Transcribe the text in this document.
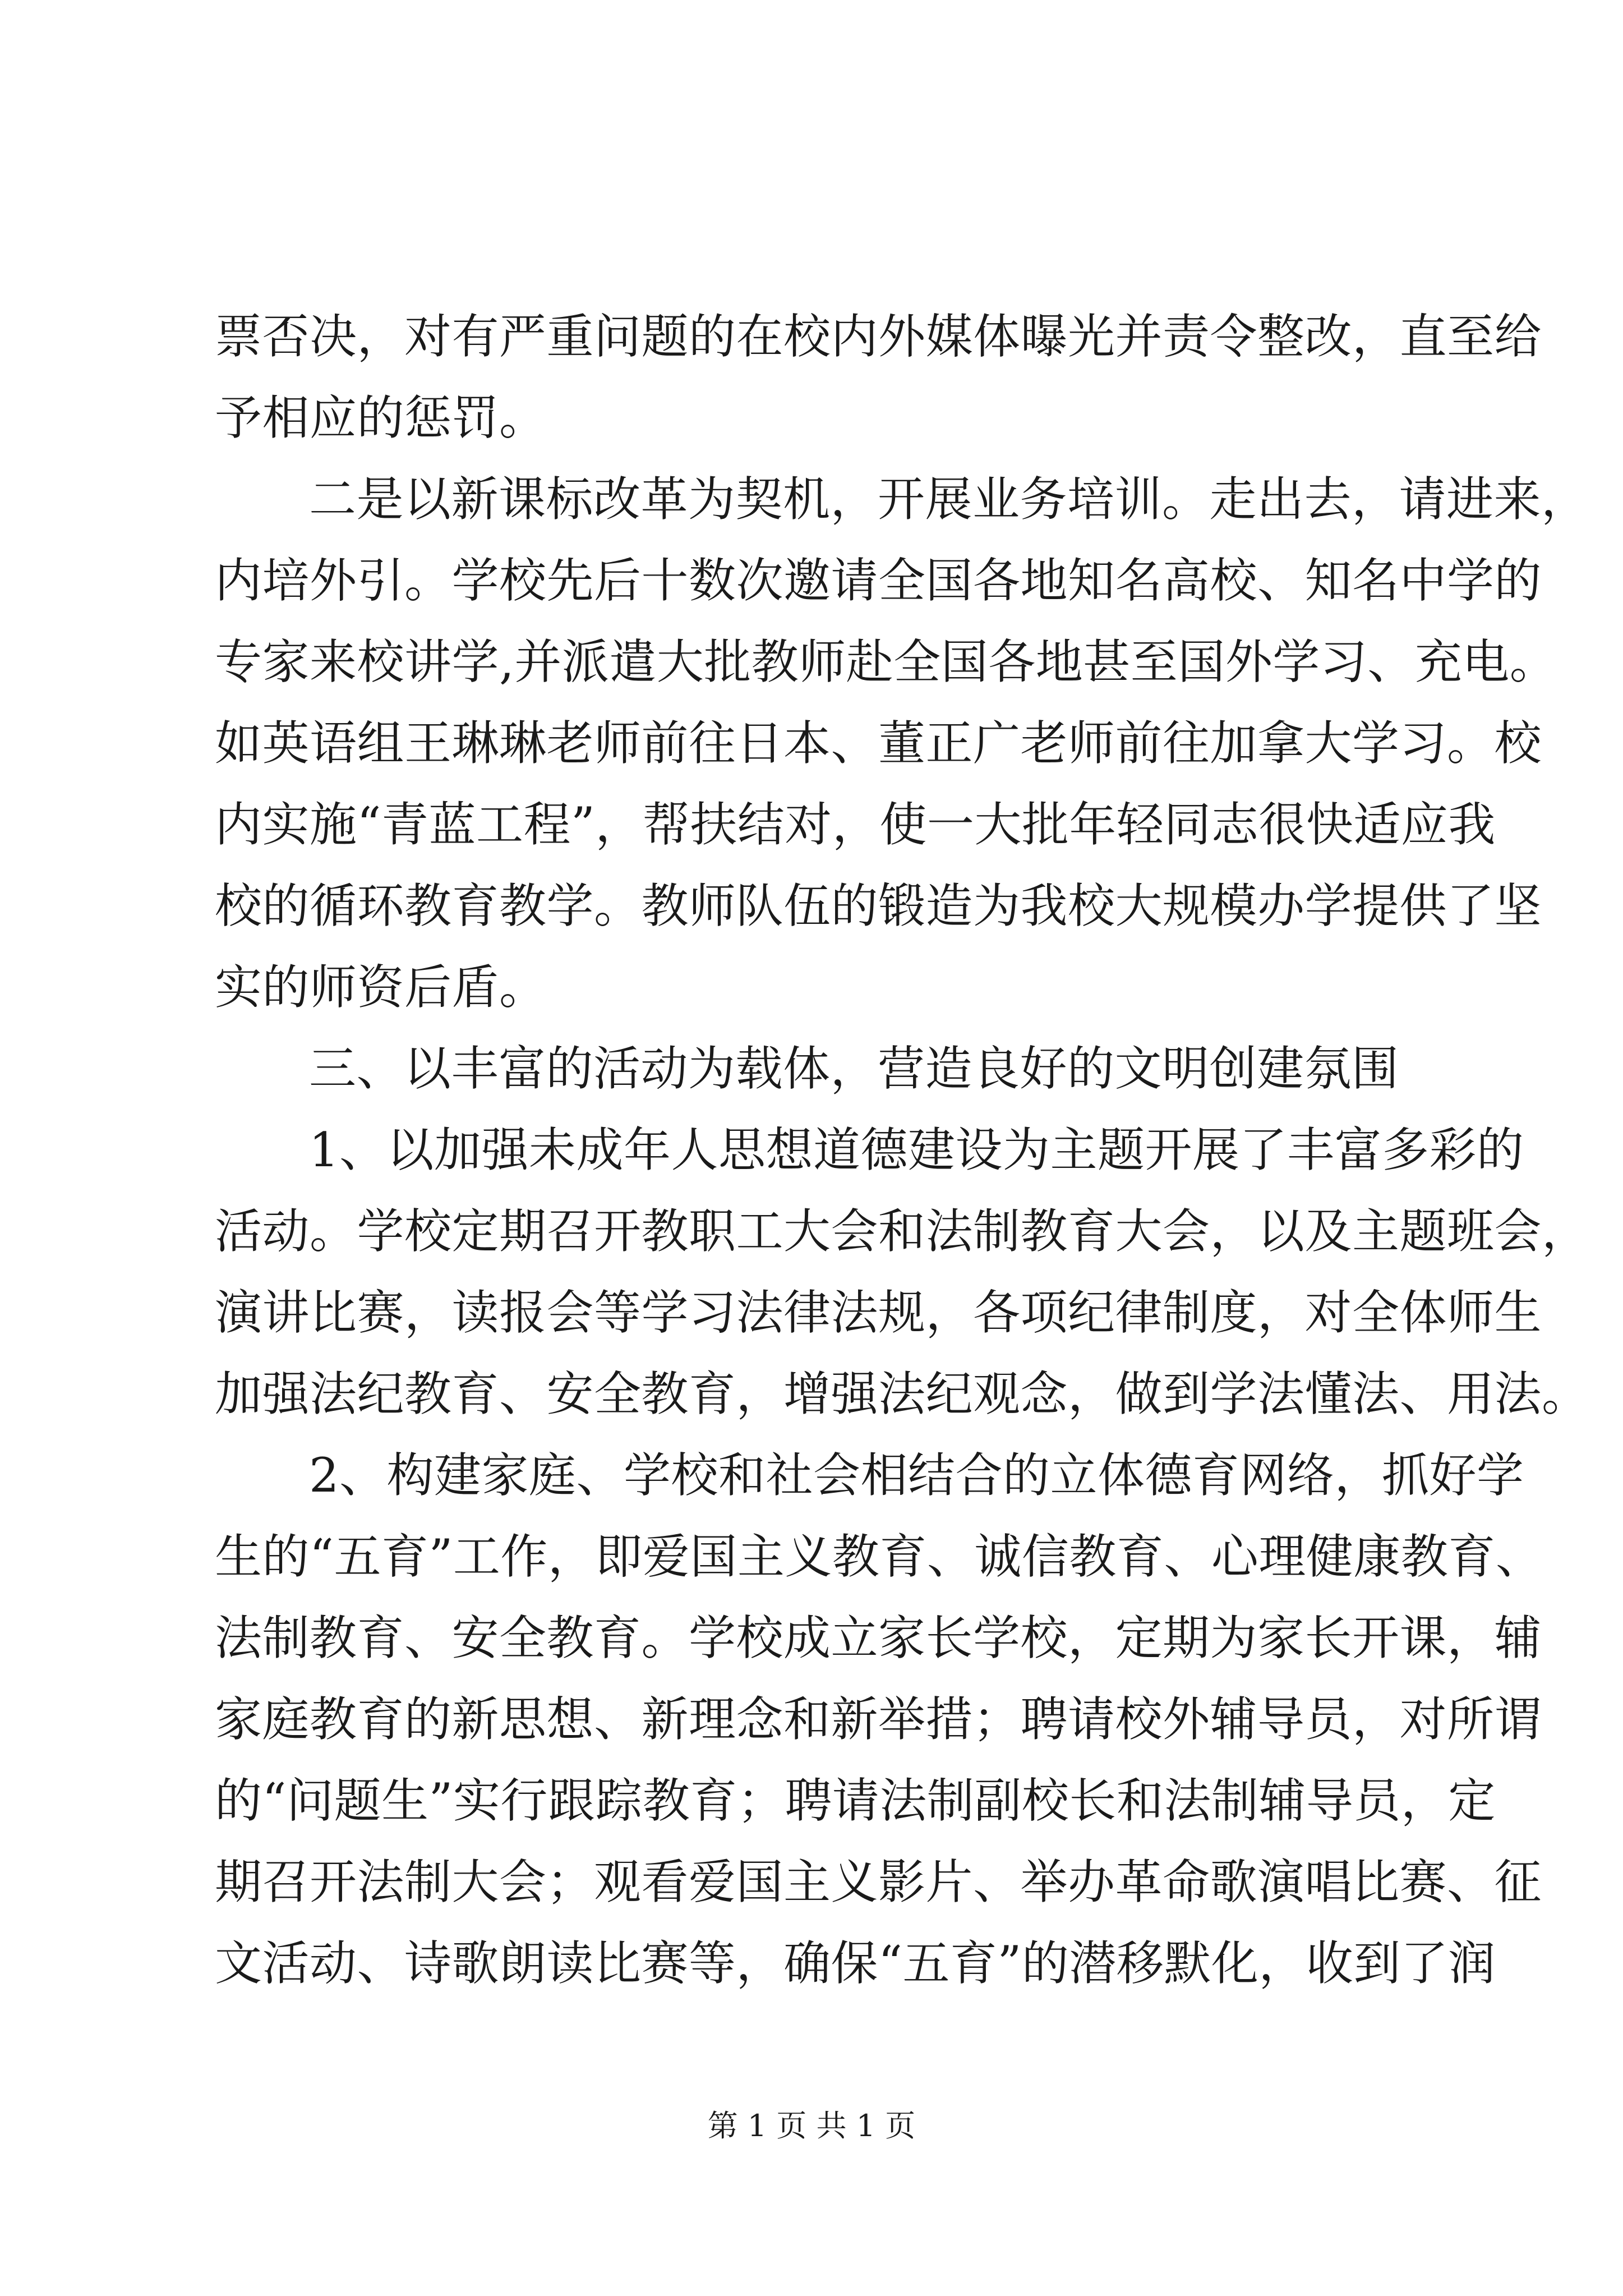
票否决，对有严重问题的在校内外媒体曝光并责令整改，直至给
予相应的惩罚。
二是以新课标改革为契机，开展业务培训。走出去，请进来，
内培外引。学校先后十数次邀请全国各地知名高校、知名中学的
专家来校讲学,并派遣大批教师赴全国各地甚至国外学习、充电。
如英语组王琳琳老师前往日本、董正广老师前往加拿大学习。校
内实施“青蓝工程”，帮扶结对，使一大批年轻同志很快适应我
校的循环教育教学。教师队伍的锻造为我校大规模办学提供了坚
实的师资后盾。
三、以丰富的活动为载体，营造良好的文明创建氛围
1、以加强未成年人思想道德建设为主题开展了丰富多彩的
活动。学校定期召开教职工大会和法制教育大会，以及主题班会，
演讲比赛，读报会等学习法律法规，各项纪律制度，对全体师生
加强法纪教育、安全教育，增强法纪观念，做到学法懂法、用法。
2、构建家庭、学校和社会相结合的立体德育网络，抓好学
生的“五育”工作，即爱国主义教育、诚信教育、心理健康教育、
法制教育、安全教育。学校成立家长学校，定期为家长开课，辅
家庭教育的新思想、新理念和新举措；聘请校外辅导员，对所谓
的“问题生”实行跟踪教育；聘请法制副校长和法制辅导员，定
期召开法制大会；观看爱国主义影片、举办革命歌演唱比赛、征
文活动、诗歌朗读比赛等，确保“五育”的潜移默化，收到了润
第 1 页 共 1 页
